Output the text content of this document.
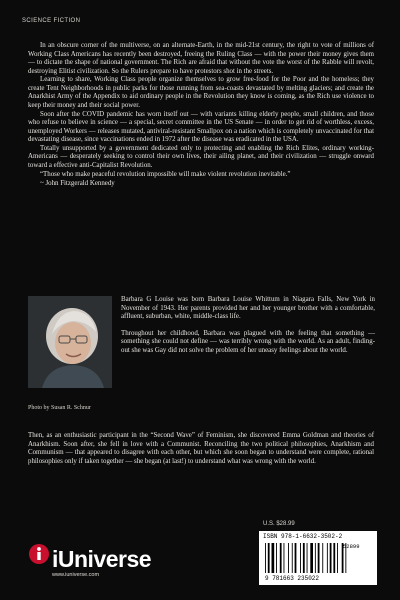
SCIENCE FICTION

In an obscure corner of the multiverse, on an alternate-Earth, in the mid-21st century, the right to vote of millions of Working Class Americans has recently been destroyed, freeing the Ruling Class — with the power their money gives them — to dictate the shape of national government. The Rich are afraid that without the vote the worst of the Rabble will revolt, destroying Elitist civilization. So the Rulers prepare to have protestors shot in the streets.

Learning to share, Working Class people organize themselves to grow free-food for the Poor and the homeless; they create Tent Neighborhoods in public parks for those running from sea-coasts devastated by melting glaciers; and create the Anarkhist Army of the Appendix to aid ordinary people in the Revolution they know is coming, as the Rich use violence to keep their money and their social power.

Soon after the COVID pandemic has worn itself out — with variants killing elderly people, small children, and those who refuse to believe in science — a special, secret committee in the US Senate — in order to get rid of worthless, excess, unemployed Workers — releases mutated, antiviral-resistant Smallpox on a nation which is completely unvaccinated for that devastating disease, since vaccinations ended in 1972 after the disease was eradicated in the USA.

Totally unsupported by a government dedicated only to protecting and enabling the Rich Elites, ordinary working-Americans — desperately seeking to control their own lives, their ailing planet, and their civilization — struggle onward toward a effective anti-Capitalist Revolution.

“Those who make peaceful revolution impossible will make violent revolution inevitable.”

~ John Fitzgerald Kennedy

Photo by Susan R. Schnur

Barbara G Louise was born Barbara Louise Whittum in Niagara Falls, New York in November of 1943. Her parents provided her and her younger brother with a comfortable, affluent, suburban, white, middle-class life.

Throughout her childhood, Barbara was plagued with the feeling that something — something she could not define — was terribly wrong with the world. As an adult, finding-out she was Gay did not solve the problem of her uneasy feelings about the world.

Then, as an enthusiastic participant in the “Second Wave” of Feminism, she discovered Emma Goldman and theories of Anarkhism. Soon after, she fell in love with a Communist. Reconciling the two political philosophies, Anarkhism and Communism — that appeared to disagree with each other, but which she soon began to understand were complete, rational philosophies only if taken together — she began (at last!) to understand what was wrong with the world.
U.S. $28.99
ISBN 978-1-6632-3502-2
52899
9 781663 235022
iUniverse
www.iuniverse.com
